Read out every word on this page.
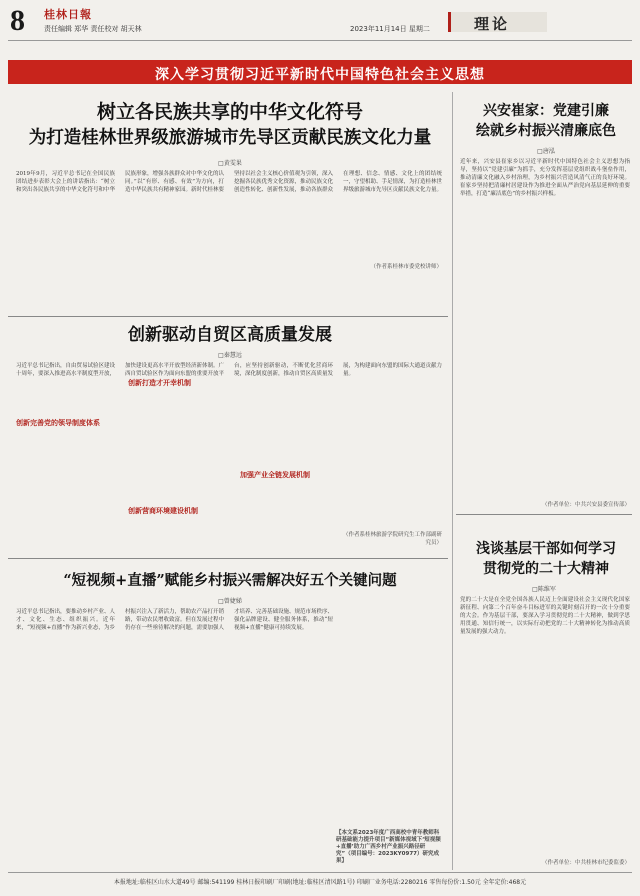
8 桂林日報
责任编辑 郑华 责任校对 胡天林	2023年11月14日 星期二	理论
深入学习贯彻习近平新时代中国特色社会主义思想
树立各民族共享的中华文化符号
为打造桂林世界级旅游城市先导区贡献民族文化力量
□黄雯果
2019年9月，习近平总书记在全国民族团结进步表彰大会上的讲话指出：“树立和突出各民族共享的中华文化符号和中华民族形象，增强各族群众对中华文化的认同。”以“有形、有感、有效”为方向，打造中华民族共有精神家园。新时代桂林要坚持以社会主义核心价值观为引领，深入挖掘各民族优秀文化资源，推动民族文化创造性转化、创新性发展，推动各族群众在理想、信念、情感、文化上的团结统一，守望相助、手足情深，为打造桂林世界级旅游城市先导区贡献民族文化力量。
（作者系桂林市委党校讲师）
兴安崔家：党建引廉
绘就乡村振兴清廉底色
□唐泓
近年来，兴安县崔家乡以习近平新时代中国特色社会主义思想为指导，坚持以“党建引廉”为抓手，充分发挥基层党组织战斗堡垒作用，推动清廉文化融入乡村治理，为乡村振兴营造风清气正的良好环境。崔家乡坚持把清廉村居建设作为推进全面从严治党向基层延伸的重要举措，打造“廉洁底色”的乡村振兴样板。
（作者单位：中共兴安县委宣传部）
创新驱动自贸区高质量发展
□秦慧远
创新完善党的领导制度体系
创新打造才开幸机制
创新营商环境建设机制
加强产业全链发展机制
习近平总书记指出，自由贸易试验区建设十周年，要深入推进高水平制度型开放，加快建设更高水平开放型经济新体制。广西自贸试验区作为面向东盟的重要开放平台，应坚持创新驱动，不断优化营商环境，深化制度创新，推动自贸区高质量发展，为构建面向东盟的国际大通道贡献力量。
（作者系桂林旅游学院研究生工作部副研究员）	浅谈基层干部如何学习
贯彻党的二十大精神
□陈维军
党的二十大是在全党全国各族人民迈上全面建设社会主义现代化国家新征程、向第二个百年奋斗目标进军的关键时刻召开的一次十分重要的大会。作为基层干部，要深入学习贯彻党的二十大精神，做到学思用贯通、知信行统一，以实际行动把党的二十大精神转化为推动高质量发展的强大动力。
（作者单位：中共桂林市纪委监委）
“短视频+直播”赋能乡村振兴需解决好五个关键问题
□曾婕娣
习近平总书记指出，要推动乡村产业、人才、文化、生态、组织振兴。近年来，“短视频+直播”作为新兴业态，为乡村振兴注入了新活力，帮助农产品打开销路，带动农民增收致富。但在发展过程中仍存在一些亟待解决的问题，需要加强人才培养、完善基础设施、规范市场秩序、强化品牌建设、健全服务体系，推动“短视频+直播”健康可持续发展。
【本文系2023年度广西高校中青年教师科研基础能力提升项目“新媒体视域下‘短视频+直播’助力广西乡村产业振兴路径研究”（项目编号：2023KY0977）研究成果】
本报地址:临桂区山水大道49号 邮编:541199 桂林日报印刷厂印刷(地址:临桂区清风路1号) 印刷厂业务电话:2280216 零售每份价:1.50元 全年定价:468元
